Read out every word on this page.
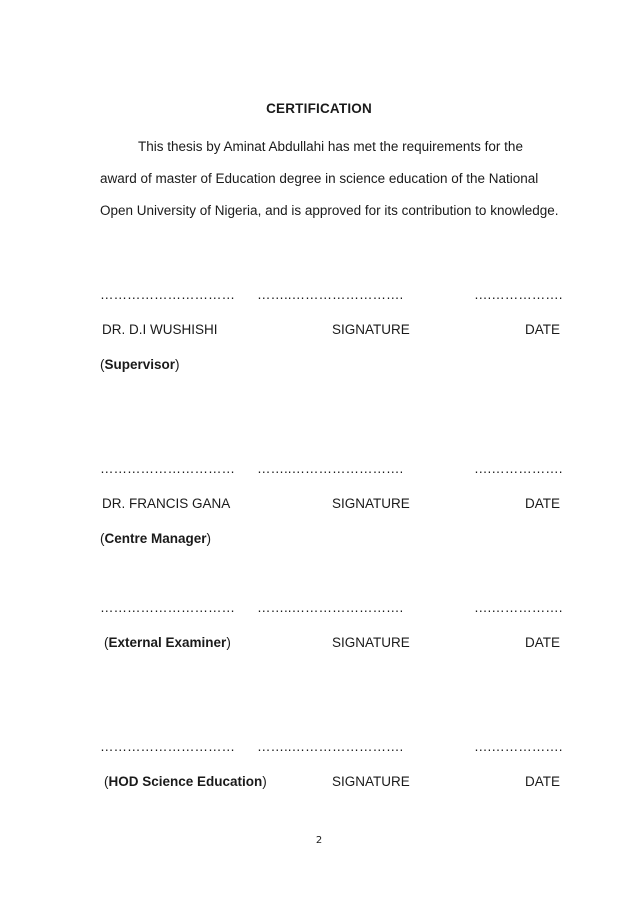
CERTIFICATION
This thesis by Aminat Abdullahi has met the requirements for the
award of master of Education degree in science education of the National
Open University of Nigeria, and is approved for its contribution to knowledge.
………………………… ……..…………………….	….…………….
DR. D.I WUSHISHI	SIGNATURE	DATE
(Supervisor)
………………………… ……..…………………….	….…………….
DR. FRANCIS GANA	SIGNATURE	DATE
(Centre Manager)
………………………… ……..…………………….	….…………….
(External Examiner)	SIGNATURE	DATE
………………………… ……..…………………….	….…………….
(HOD Science Education)	SIGNATURE	DATE
2
